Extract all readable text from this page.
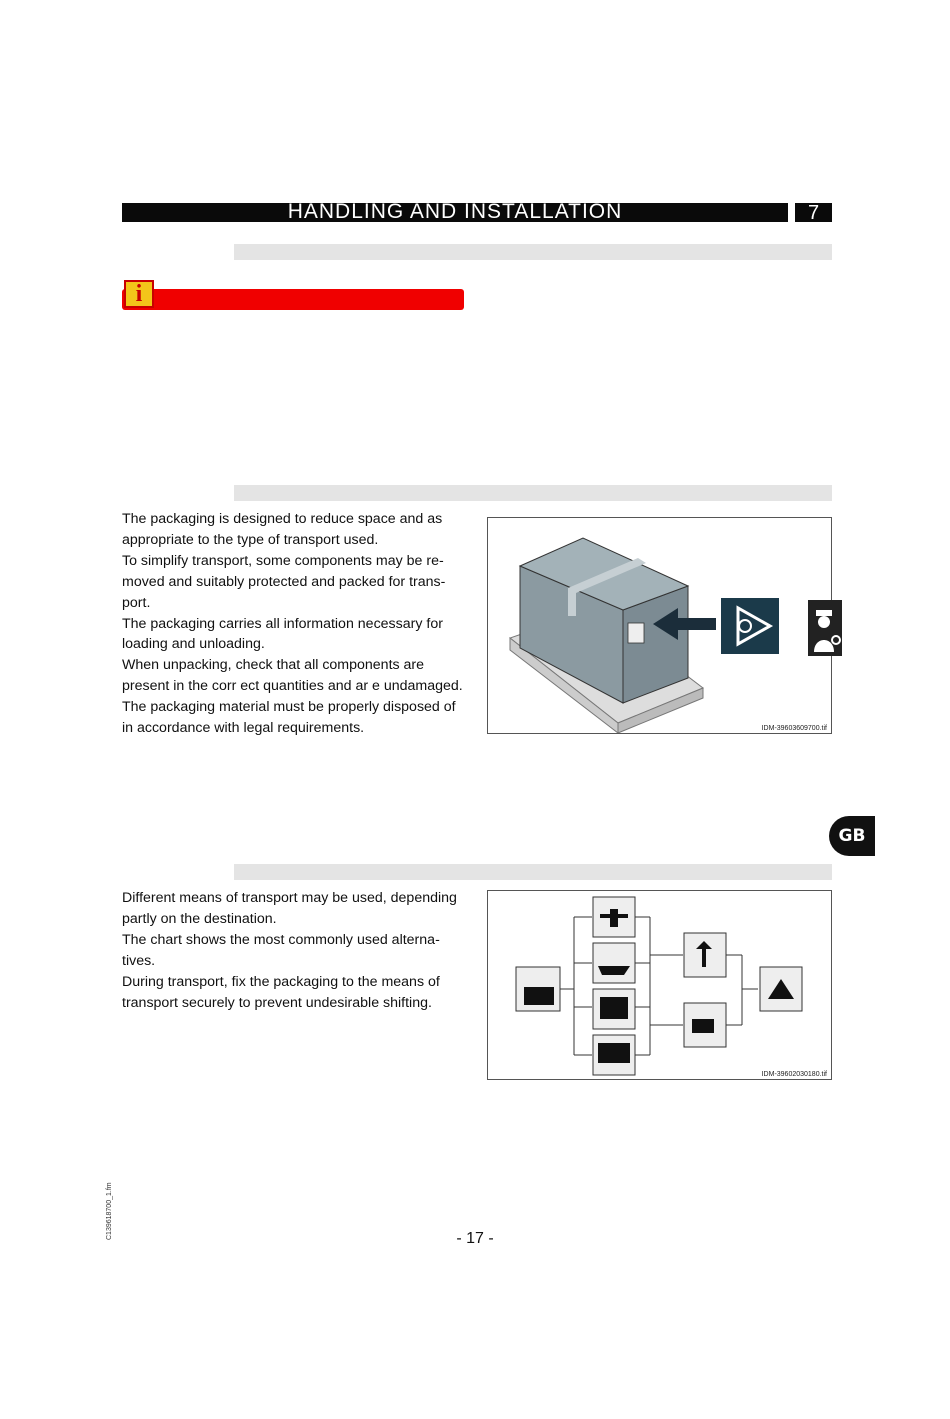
HANDLING AND INSTALLATION	7
i

The packaging is designed to reduce space and as appropriate to the type of transport used.

To simplify transport, some components may be removed and suitably protected and packed for transport.

The packaging carries all information necessary for loading and unloading.

When unpacking, check that all components are present in the corr ect quantities and ar e undamaged.

The packaging material must be properly disposed of in accordance with legal requirements.	IDM-39603609700.tif
GB

Different means of transport may be used, depending partly on the destination.

The chart shows the most commonly used alternatives.

During transport, fix the packaging to the means of transport securely to prevent undesirable shifting.

IDM-39602030180.tif
C139618700_1.fm	- 17 -
